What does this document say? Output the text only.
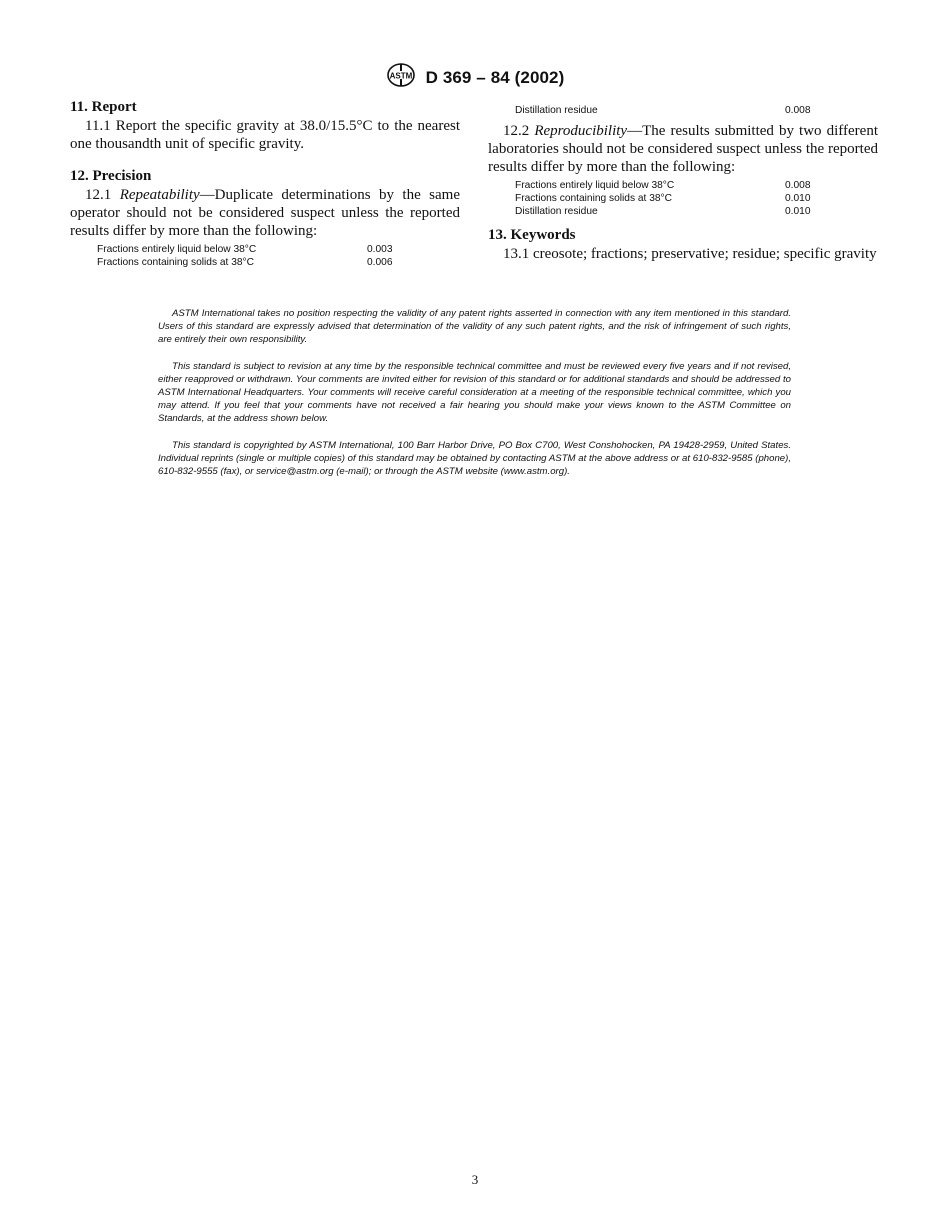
ASTM D 369 – 84 (2002)
11. Report

11.1 Report the specific gravity at 38.0/15.5°C to the nearest one thousandth unit of specific gravity.

12. Precision

12.1 Repeatability—Duplicate determinations by the same operator should not be considered suspect unless the reported results differ by more than the following:

Fractions entirely liquid below 38°C	0.003
Fractions containing solids at 38°C	0.006
Distillation residue	0.008

12.2 Reproducibility—The results submitted by two different laboratories should not be considered suspect unless the reported results differ by more than the following:

Fractions entirely liquid below 38°C	0.008
Fractions containing solids at 38°C	0.010
Distillation residue	0.010
13. Keywords

13.1 creosote; fractions; preservative; residue; specific gravity

ASTM International takes no position respecting the validity of any patent rights asserted in connection with any item mentioned in this standard. Users of this standard are expressly advised that determination of the validity of any such patent rights, and the risk of infringement of such rights, are entirely their own responsibility.

This standard is subject to revision at any time by the responsible technical committee and must be reviewed every five years and if not revised, either reapproved or withdrawn. Your comments are invited either for revision of this standard or for additional standards and should be addressed to ASTM International Headquarters. Your comments will receive careful consideration at a meeting of the responsible technical committee, which you may attend. If you feel that your comments have not received a fair hearing you should make your views known to the ASTM Committee on Standards, at the address shown below.

This standard is copyrighted by ASTM International, 100 Barr Harbor Drive, PO Box C700, West Conshohocken, PA 19428-2959, United States. Individual reprints (single or multiple copies) of this standard may be obtained by contacting ASTM at the above address or at 610-832-9585 (phone), 610-832-9555 (fax), or service@astm.org (e-mail); or through the ASTM website (www.astm.org).

3
